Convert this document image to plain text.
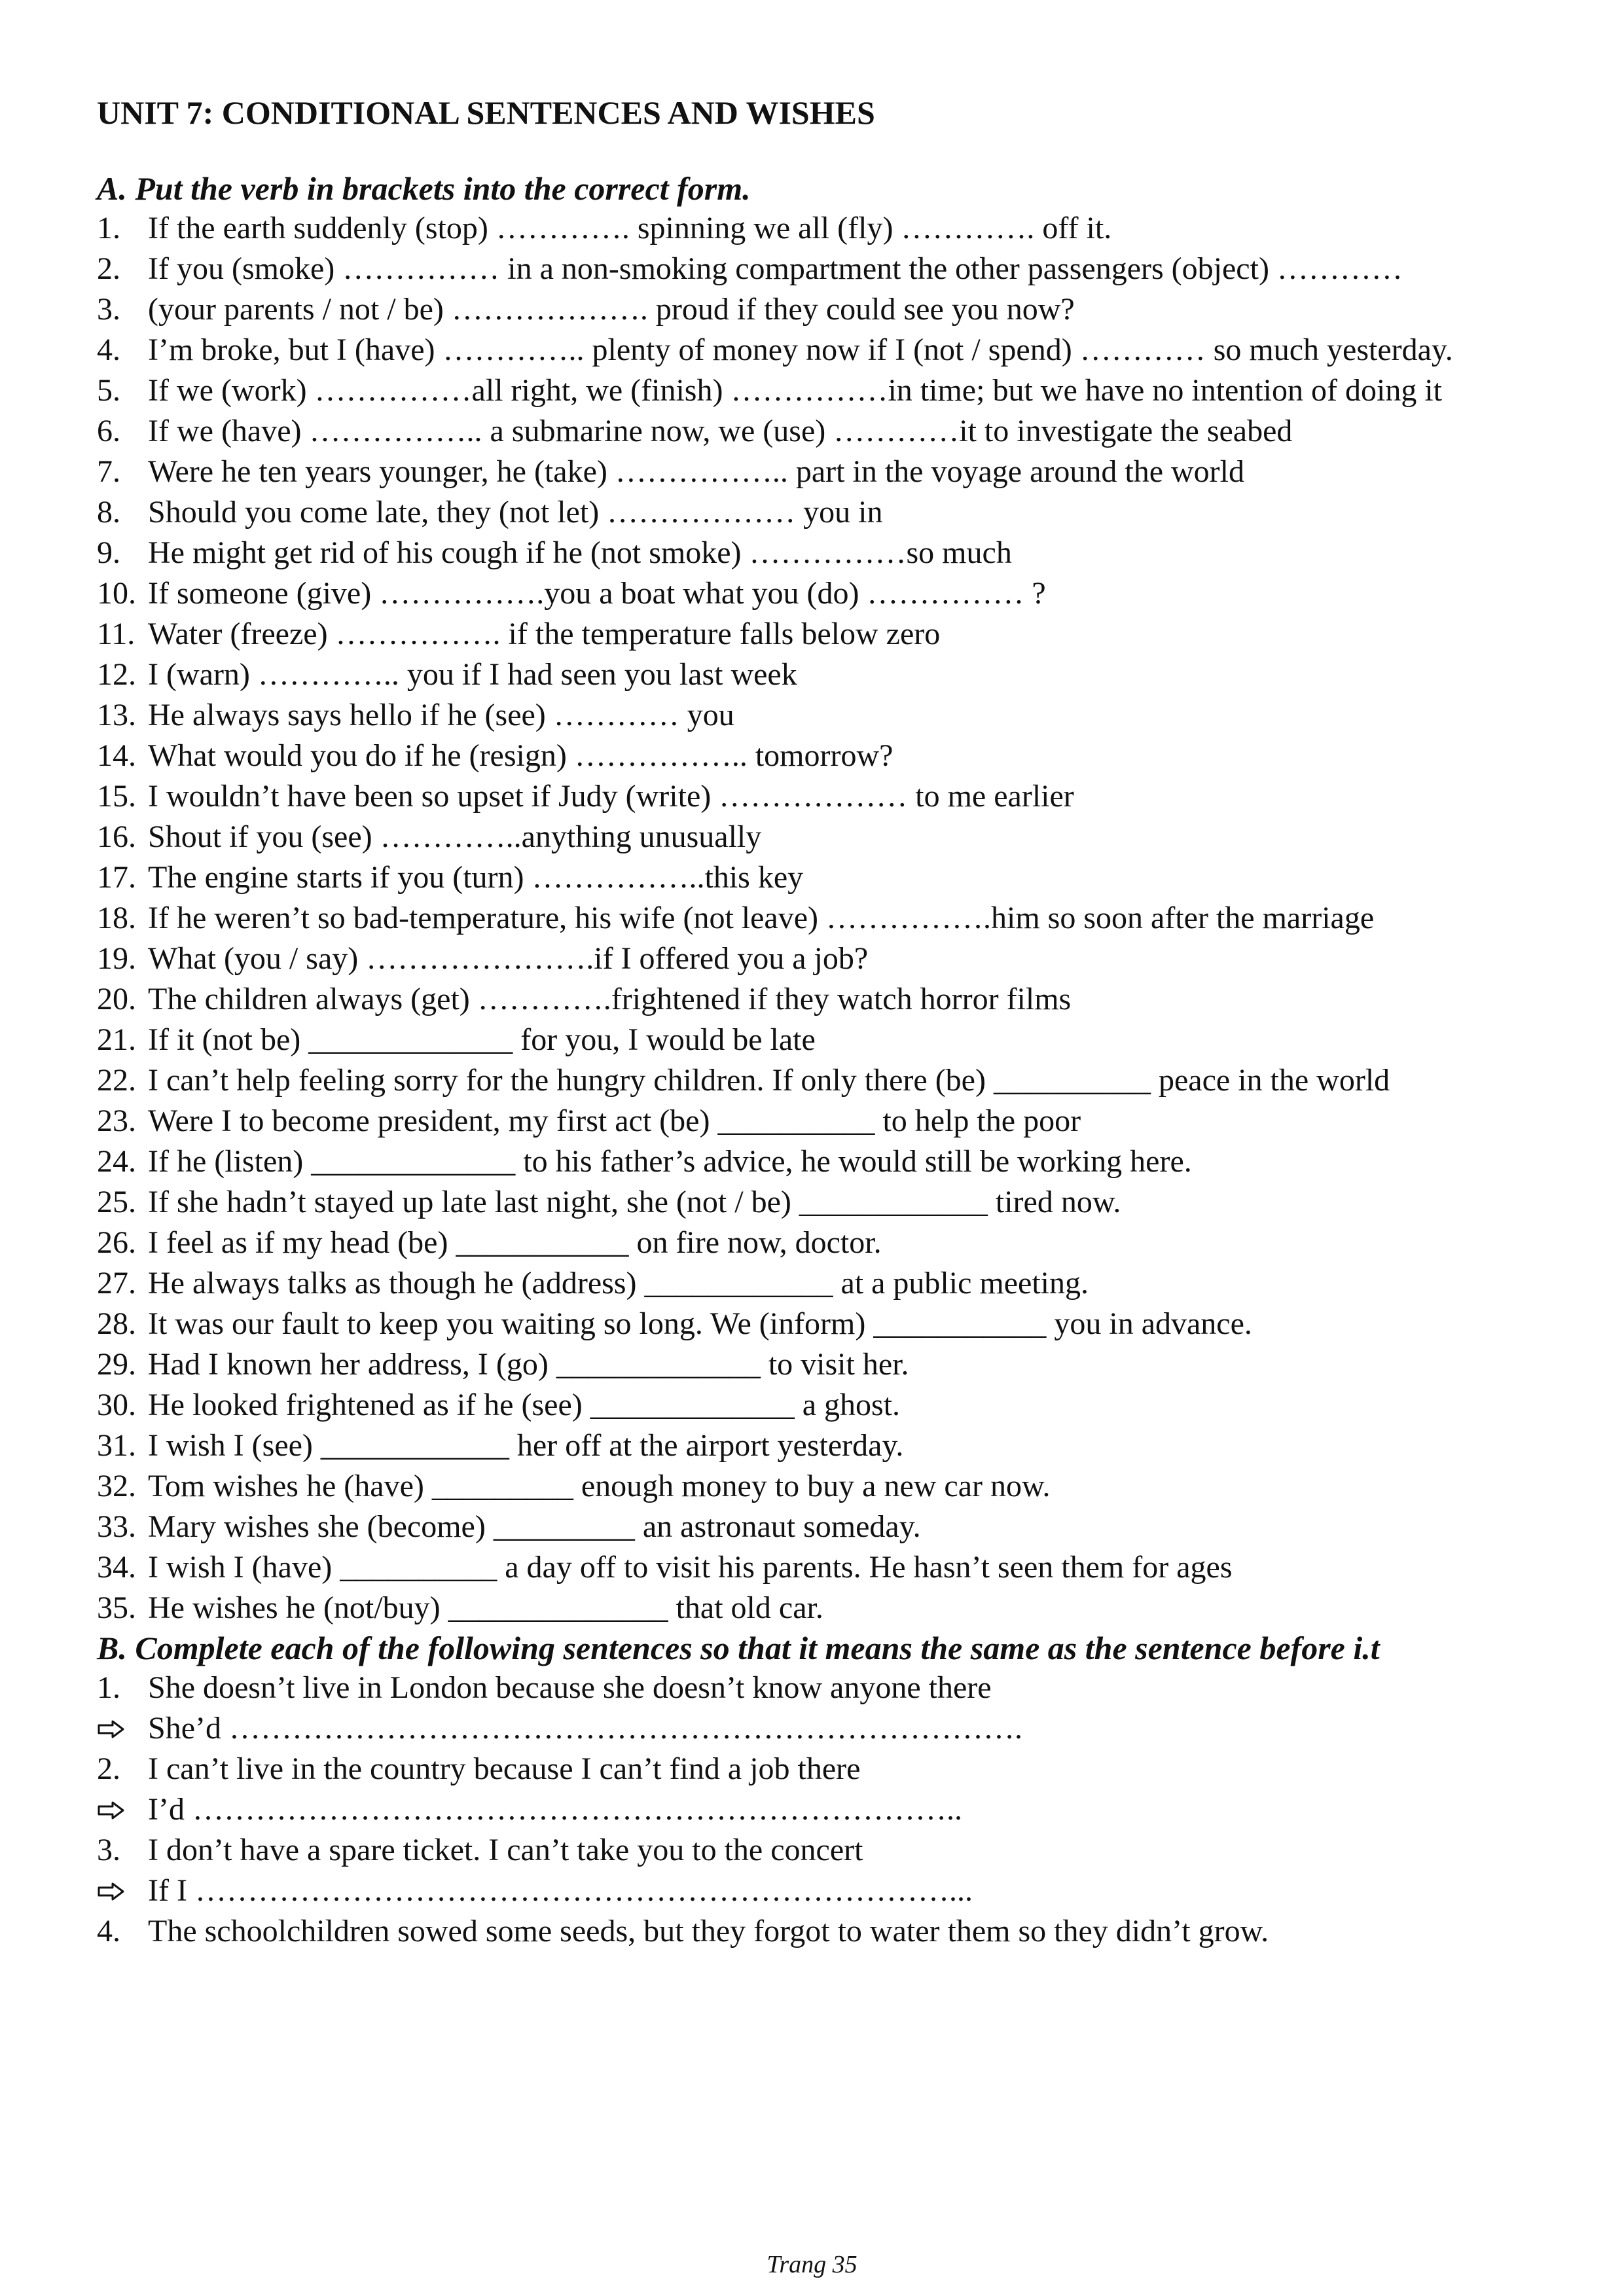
UNIT 7: CONDITIONAL SENTENCES AND WISHES

A. Put the verb in brackets into the correct form.

1. If the earth suddenly (stop) …………. spinning we all (fly) …………. off it.
2. If you (smoke) …………… in a non-smoking compartment the other passengers (object) …………
3. (your parents / not / be) ………………. proud if they could see you now?
4. I’m broke, but I (have) ………….. plenty of money now if I (not / spend) ………… so much yesterday.
5. If we (work) ……………all right, we (finish) ……………in time; but we have no intention of doing it
6. If we (have) …………….. a submarine now, we (use) …………it to investigate the seabed
7. Were he ten years younger, he (take) …………….. part in the voyage around the world
8. Should you come late, they (not let) ……………… you in
9. He might get rid of his cough if he (not smoke) ……………so much
10. If someone (give) …………….you a boat what you (do) …………… ?
11. Water (freeze) ……………. if the temperature falls below zero
12. I (warn) ………….. you if I had seen you last week
13. He always says hello if he (see) ………… you
14. What would you do if he (resign) …………….. tomorrow?
15. I wouldn’t have been so upset if Judy (write) ……………… to me earlier
16. Shout if you (see) …………..anything unusually
17. The engine starts if you (turn) ……………..this key
18. If he weren’t so bad-temperature, his wife (not leave) …………….him so soon after the marriage
19. What (you / say) ………………….if I offered you a job?
20. The children always (get) ………….frightened if they watch horror films
21. If it (not be) _____________ for you, I would be late
22. I can’t help feeling sorry for the hungry children. If only there (be) __________ peace in the world
23. Were I to become president, my first act (be) __________ to help the poor
24. If he (listen) _____________ to his father’s advice, he would still be working here.
25. If she hadn’t stayed up late last night, she (not / be) ____________ tired now.
26. I feel as if my head (be) ___________ on fire now, doctor.
27. He always talks as though he (address) ____________ at a public meeting.
28. It was our fault to keep you waiting so long. We (inform) ___________ you in advance.
29. Had I known her address, I (go) _____________ to visit her.
30. He looked frightened as if he (see) _____________ a ghost.
31. I wish I (see) ____________ her off at the airport yesterday.
32. Tom wishes he (have) _________ enough money to buy a new car now.
33. Mary wishes she (become) _________ an astronaut someday.
34. I wish I (have) __________ a day off to visit his parents. He hasn’t seen them for ages
35. He wishes he (not/buy) ______________ that old car.

B. Complete each of the following sentences so that it means the same as the sentence before i.t

1. She doesn’t live in London because she doesn’t know anyone there
She’d ………………………………………………………………….
2. I can’t live in the country because I can’t find a job there
I’d ………………………………………………………………..
3. I don’t have a spare ticket. I can’t take you to the concert
If I ………………………………………………………………...
4. The schoolchildren sowed some seeds, but they forgot to water them so they didn’t grow.
Trang 35
